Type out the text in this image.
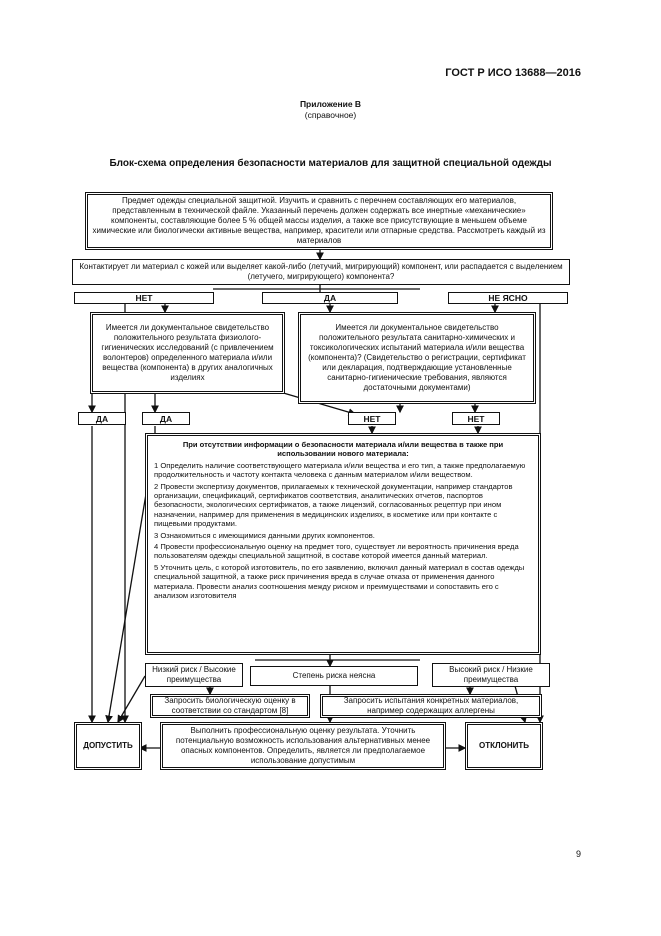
ГОСТ Р ИСО 13688—2016
Приложение В
(справочное)
Блок-схема определения безопасности материалов для защитной специальной одежды
Предмет одежды специальной защитной. Изучить и сравнить с перечнем составляющих его материалов, представленным в технической файле. Указанный перечень должен содержать все инертные «механические» компоненты, составляющие более 5 % общей массы изделия, а также все присутствующие в меньшем объеме химические или биологически активные вещества, например, красители или отпарные средства. Рассмотреть каждый из материалов
Контактирует ли материал с кожей или выделяет какой-либо (летучий, мигрирующий) компонент, или распадается с выделением (летучего, мигрирующего) компонента?
НЕТ	ДА	НЕ ЯСНО
Имеется ли документальное свидетельство положительного результата физиолого-гигиенических исследований (с привлечением волонтеров) определенного материала и/или вещества (компонента) в других аналогичных изделиях
Имеется ли документальное свидетельство положительного результата санитарно-химических и токсикологических испытаний материала и/или вещества (компонента)? (Свидетельство о регистрации, сертификат или декларация, подтверждающие установленные санитарно-гигиенические требования, являются достаточными документами)
ДА	ДА	НЕТ	НЕТ
При отсутствии информации о безопасности материала и/или вещества в также при использовании нового материала:
1 Определить наличие соответствующего материала и/или вещества и его тип, а также предполагаемую продолжительность и частоту контакта человека с данным материалом и/или веществом.
2 Провести экспертизу документов, прилагаемых к технической документации, например стандартов организации, спецификаций, сертификатов соответствия, аналитических отчетов, паспортов безопасности, экологических сертификатов, а также лицензий, согласованных рецептур при ином назначении, например для применения в медицинских изделиях, в косметике или при контакте с пищевыми продуктами.
3 Ознакомиться с имеющимися данными других компонентов.
4 Провести профессиональную оценку на предмет того, существует ли вероятность причинения вреда пользователям одежды специальной защитной, в составе которой имеется данный материал.
5 Уточнить цель, с которой изготовитель, по его заявлению, включил данный материал в состав одежды специальной защитной, а также риск причинения вреда в случае отказа от применения данного материала. Провести анализ соотношения между риском и преимуществами и сопоставить его с анализом изготовителя
Низкий риск / Высокие преимущества	Степень риска неясна
Высокий риск / Низкие преимущества
Запросить биологическую оценку в соответствии со стандартом [8]
Запросить испытания конкретных материалов, например содержащих аллергены
ДОПУСТИТЬ
Выполнить профессиональную оценку результата. Уточнить потенциальную возможность использования альтернативных менее опасных компонентов. Определить, является ли предполагаемое использование допустимым
ОТКЛОНИТЬ
9
